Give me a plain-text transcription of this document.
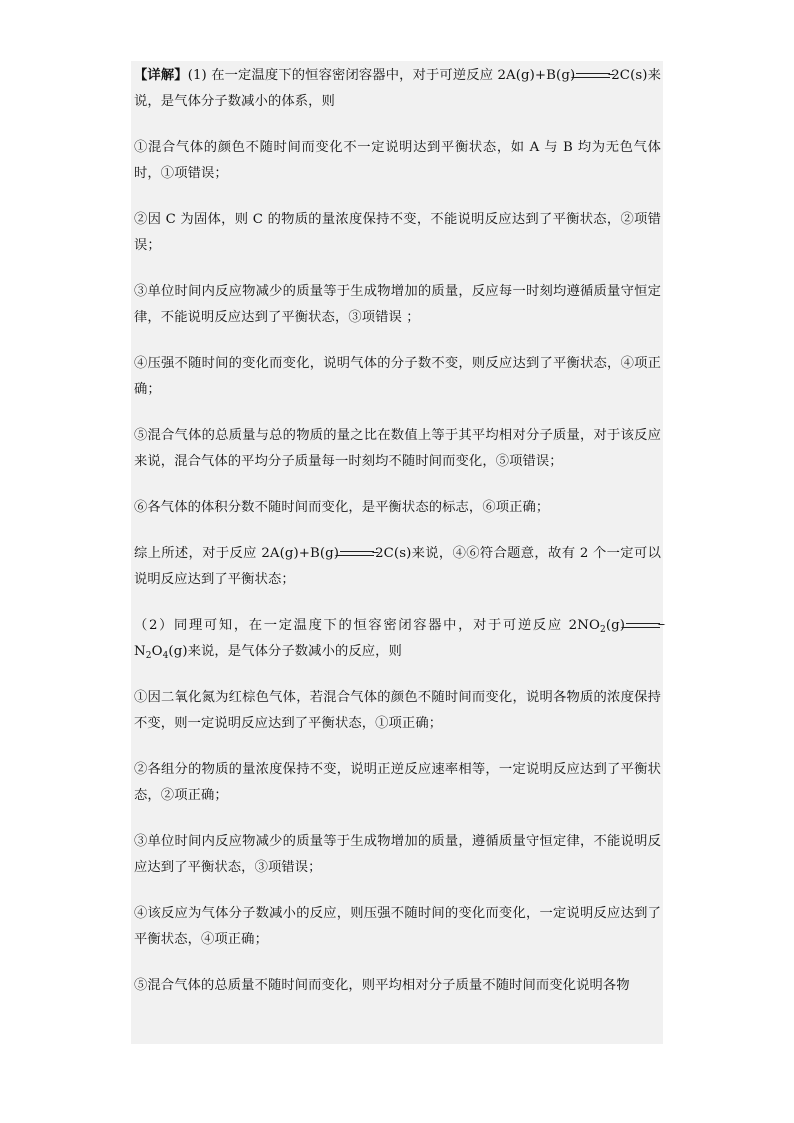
【详解】(1) 在一定温度下的恒容密闭容器中，对于可逆反应 2A(g)+B(g)	2C(s)来说，是气体分子数减小的体系，则

①混合气体的颜色不随时间而变化不一定说明达到平衡状态，如 A 与 B 均为无色气体时，①项错误；

②因 C 为固体，则 C 的物质的量浓度保持不变，不能说明反应达到了平衡状态，②项错误；

③单位时间内反应物减少的质量等于生成物增加的质量，反应每一时刻均遵循质量守恒定律，不能说明反应达到了平衡状态，③项错误 ；

④压强不随时间的变化而变化，说明气体的分子数不变，则反应达到了平衡状态，④项正确；

⑤混合气体的总质量与总的物质的量之比在数值上等于其平均相对分子质量，对于该反应来说，混合气体的平均分子质量每一时刻均不随时间而变化，⑤项错误；

⑥各气体的体积分数不随时间而变化，是平衡状态的标志，⑥项正确；

综上所述，对于反应 2A(g)+B(g)	2C(s)来说，④⑥符合题意，故有 2 个一定可以说明反应达到了平衡状态；

（2）同理可知，在一定温度下的恒容密闭容器中，对于可逆反应 $2NO_2(g)$
$N_2O_4(g)$来说，是气体分子数减小的反应，则

①因二氧化氮为红棕色气体，若混合气体的颜色不随时间而变化，说明各物质的浓度保持不变，则一定说明反应达到了平衡状态，①项正确；

②各组分的物质的量浓度保持不变，说明正逆反应速率相等，一定说明反应达到了平衡状态，②项正确；

③单位时间内反应物减少的质量等于生成物增加的质量，遵循质量守恒定律，不能说明反应达到了平衡状态，③项错误；

④该反应为气体分子数减小的反应，则压强不随时间的变化而变化，一定说明反应达到了平衡状态，④项正确；

⑤混合气体的总质量不随时间而变化，则平均相对分子质量不随时间而变化说明各物
